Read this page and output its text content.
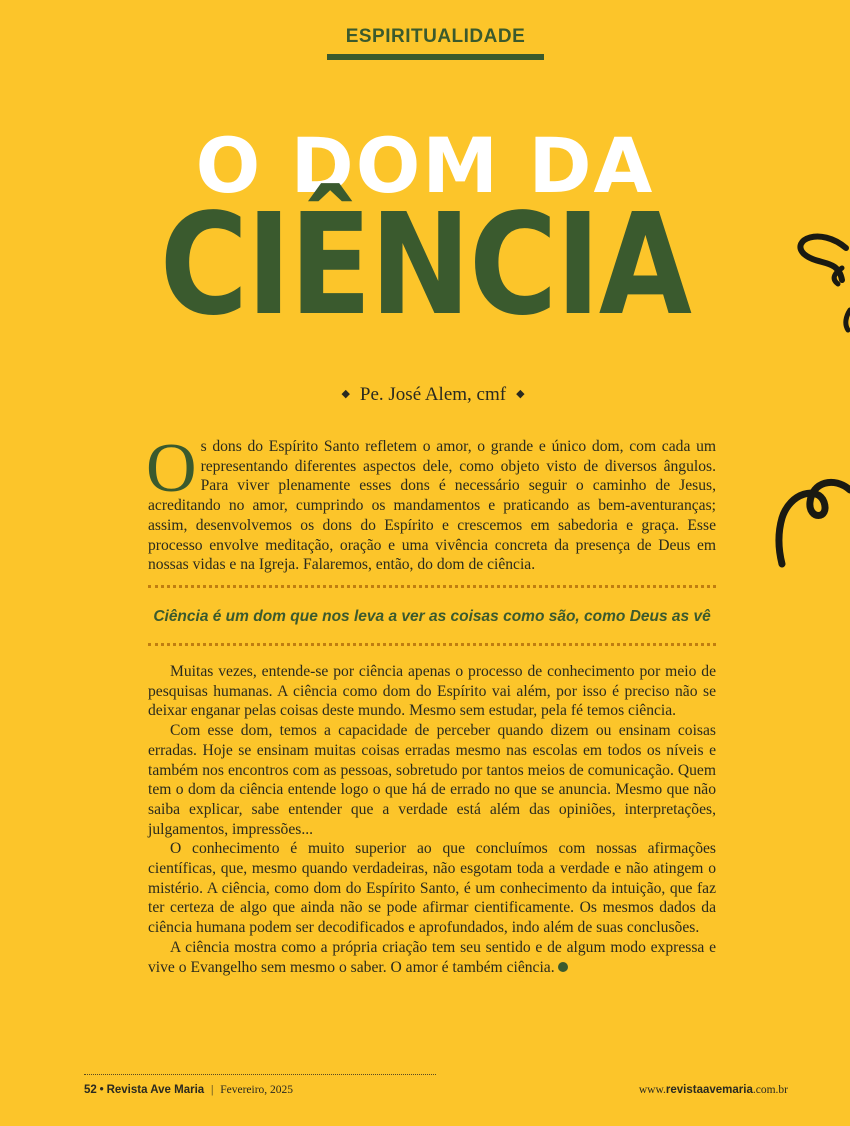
ESPIRITUALIDADE
O DOM DA
CIÊNCIA
◆ Pe. José Alem, cmf ◆
Os dons do Espírito Santo refletem o amor, o grande e único dom, com cada um representando diferentes aspectos dele, como objeto visto de diversos ângulos. Para viver plenamente esses dons é necessário seguir o caminho de Jesus, acreditando no amor, cumprindo os mandamentos e praticando as bem-aventuranças; assim, desenvolvemos os dons do Espírito e crescemos em sabedoria e graça. Esse processo envolve meditação, oração e uma vivência concreta da presença de Deus em nossas vidas e na Igreja. Falaremos, então, do dom de ciência.
Ciência é um dom que nos leva a ver as coisas como são, como Deus as vê

Muitas vezes, entende-se por ciência apenas o processo de conhecimento por meio de pesquisas humanas. A ciência como dom do Espírito vai além, por isso é preciso não se deixar enganar pelas coisas deste mundo. Mesmo sem estudar, pela fé temos ciência.

Com esse dom, temos a capacidade de perceber quando dizem ou ensinam coisas erradas. Hoje se ensinam muitas coisas erradas mesmo nas escolas em todos os níveis e também nos encontros com as pessoas, sobretudo por tantos meios de comunicação. Quem tem o dom da ciência entende logo o que há de errado no que se anuncia. Mesmo que não saiba explicar, sabe entender que a verdade está além das opiniões, interpretações, julgamentos, impressões...

O conhecimento é muito superior ao que concluímos com nossas afirmações científicas, que, mesmo quando verdadeiras, não esgotam toda a verdade e não atingem o mistério. A ciência, como dom do Espírito Santo, é um conhecimento da intuição, que faz ter certeza de algo que ainda não se pode afirmar cientificamente. Os mesmos dados da ciência humana podem ser decodificados e aprofundados, indo além de suas conclusões.

A ciência mostra como a própria criação tem seu sentido e de algum modo expressa e vive o Evangelho sem mesmo o saber. O amor é também ciência.

52 • Revista Ave Maria | Fevereiro, 2025	www.revistaavemaria.com.br
